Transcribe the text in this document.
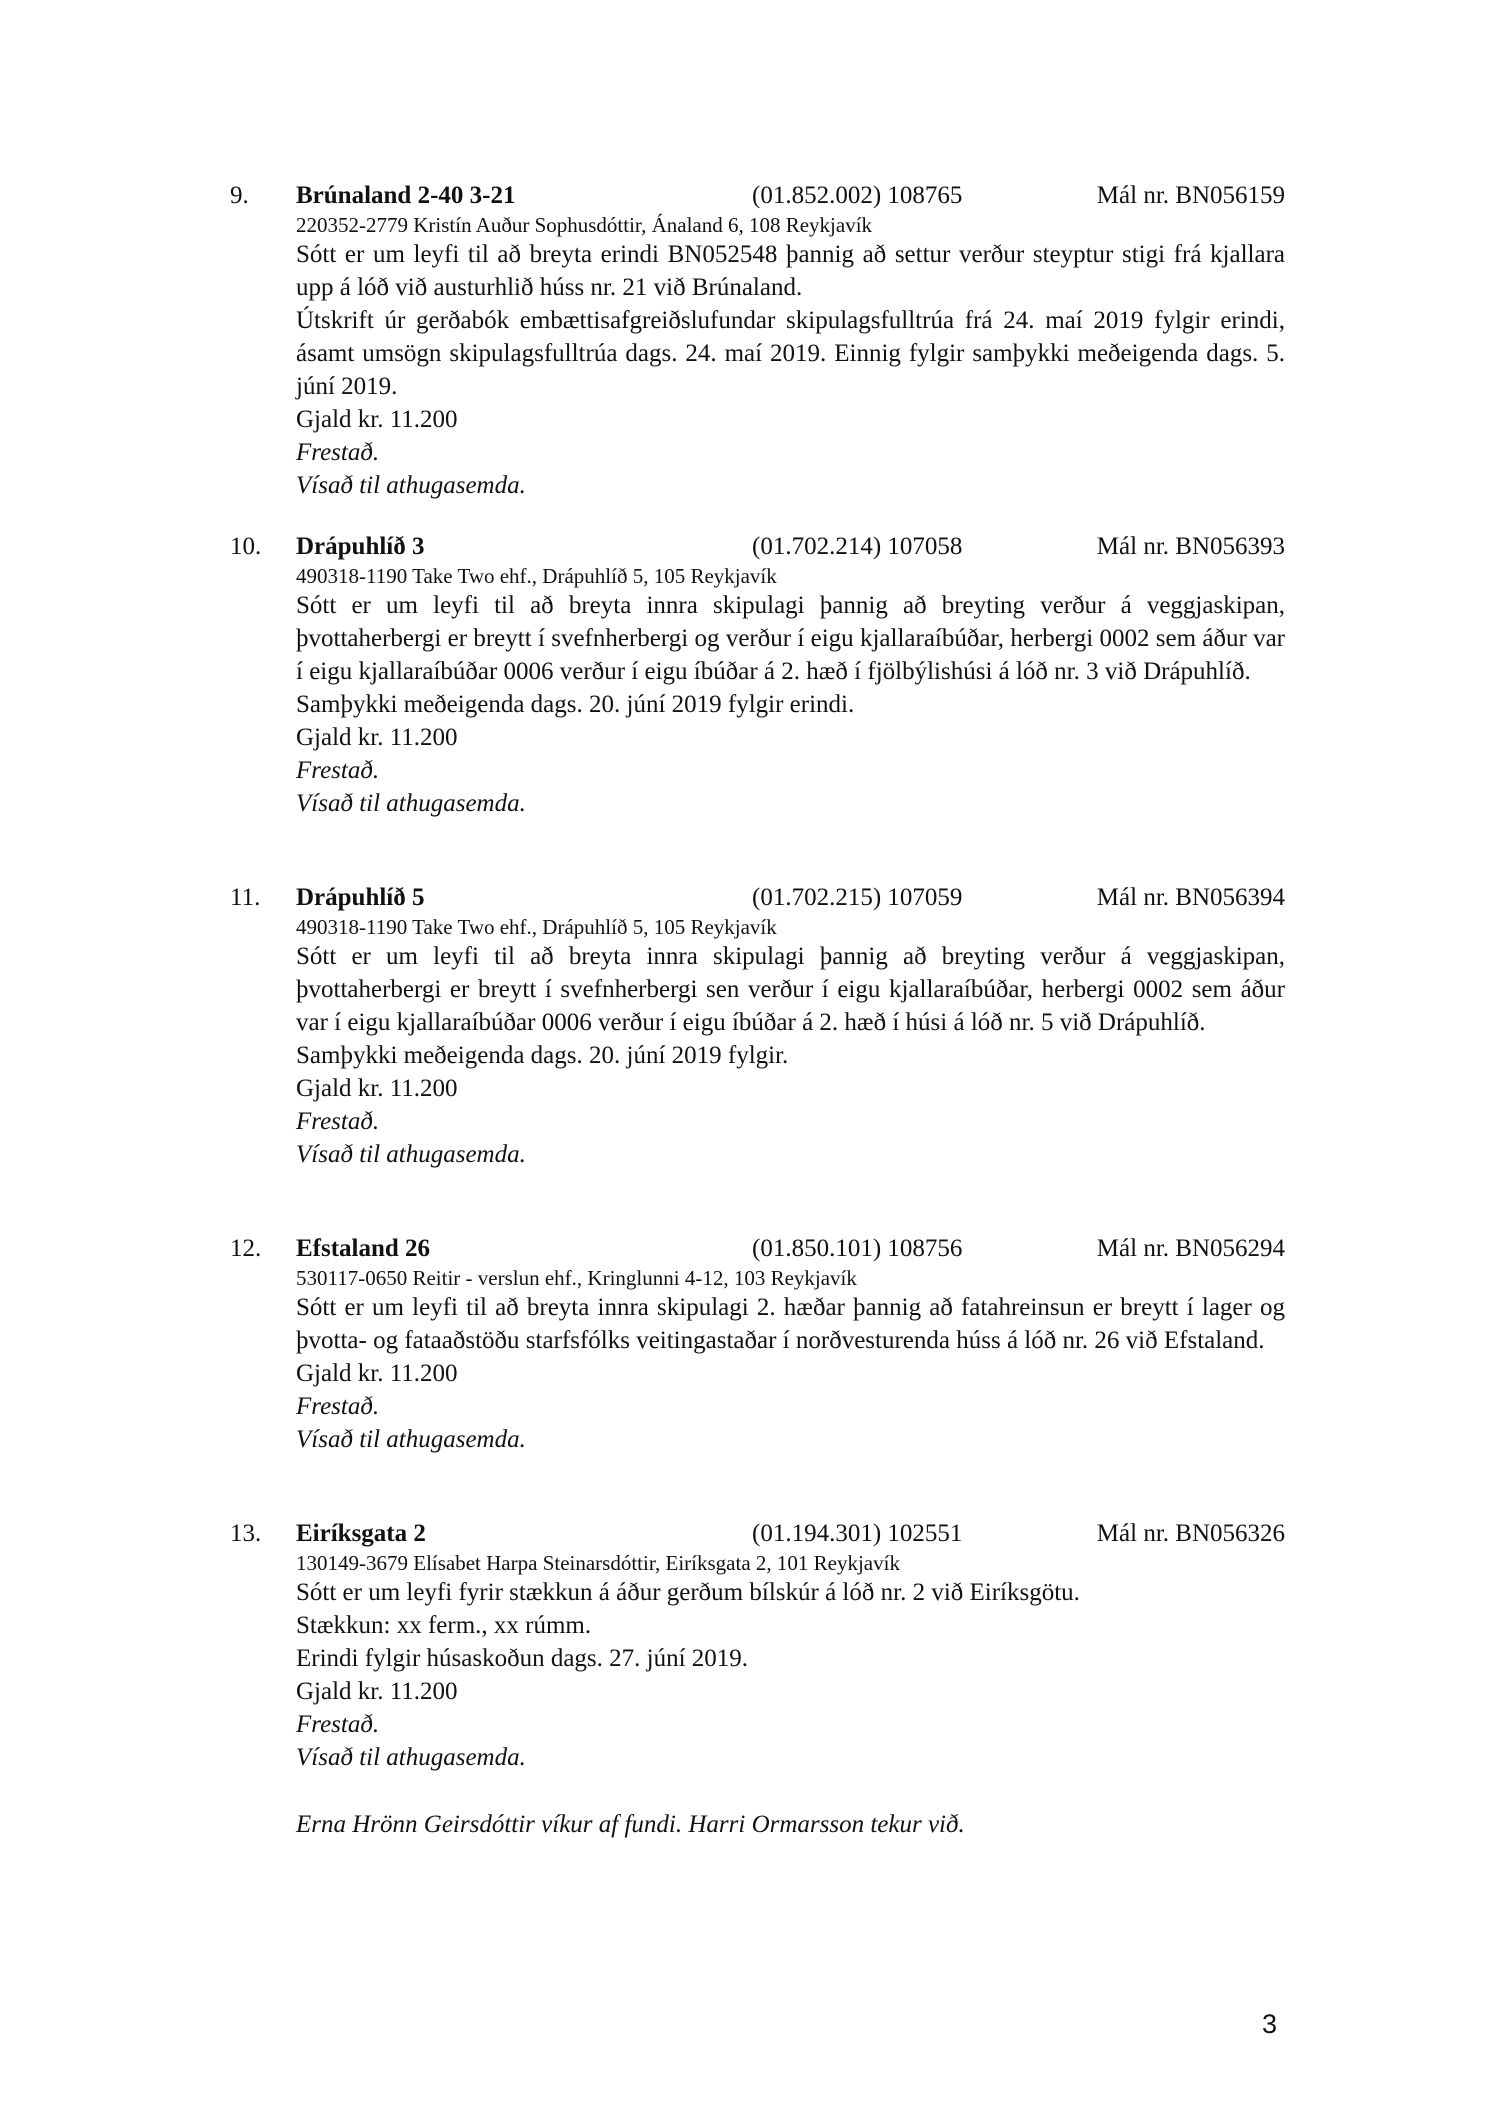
9. Brúnaland 2-40 3-21	(01.852.002) 108765	Mál nr. BN056159
220352-2779 Kristín Auður Sophusdóttir, Ánaland 6, 108 Reykjavík
Sótt er um leyfi til að breyta erindi BN052548 þannig að settur verður steyptur stigi frá kjallara upp á lóð við austurhlið húss nr. 21 við Brúnaland.
Útskrift úr gerðabók embættisafgreiðslufundar skipulagsfulltrúa frá 24. maí 2019 fylgir erindi, ásamt umsögn skipulagsfulltrúa dags. 24. maí 2019. Einnig fylgir samþykki meðeigenda dags. 5. júní 2019.
Gjald kr. 11.200
Frestað.
Vísað til athugasemda.
10. Drápuhlíð 3	(01.702.214) 107058	Mál nr. BN056393
490318-1190 Take Two ehf., Drápuhlíð 5, 105 Reykjavík
Sótt er um leyfi til að breyta innra skipulagi þannig að breyting verður á veggjaskipan, þvottaherbergi er breytt í svefnherbergi og verður í eigu kjallaraíbúðar, herbergi 0002 sem áður var í eigu kjallaraíbúðar 0006 verður í eigu íbúðar á 2. hæð í fjölbýlishúsi á lóð nr. 3 við Drápuhlíð.
Samþykki meðeigenda dags. 20. júní 2019 fylgir erindi.
Gjald kr. 11.200
Frestað.
Vísað til athugasemda.
11. Drápuhlíð 5	(01.702.215) 107059	Mál nr. BN056394
490318-1190 Take Two ehf., Drápuhlíð 5, 105 Reykjavík
Sótt er um leyfi til að breyta innra skipulagi þannig að breyting verður á veggjaskipan, þvottaherbergi er breytt í svefnherbergi sen verður í eigu kjallaraíbúðar, herbergi 0002 sem áður var í eigu kjallaraíbúðar 0006 verður í eigu íbúðar á 2. hæð í húsi á lóð nr. 5 við Drápuhlíð.
Samþykki meðeigenda dags. 20. júní 2019 fylgir.
Gjald kr. 11.200
Frestað.
Vísað til athugasemda.
12. Efstaland 26	(01.850.101) 108756	Mál nr. BN056294
530117-0650 Reitir - verslun ehf., Kringlunni 4-12, 103 Reykjavík
Sótt er um leyfi til að breyta innra skipulagi 2. hæðar þannig að fatahreinsun er breytt í lager og þvotta- og fataaðstöðu starfsfólks veitingastaðar í norðvesturenda húss á lóð nr. 26 við Efstaland.
Gjald kr. 11.200
Frestað.
Vísað til athugasemda.
13. Eiríksgata 2	(01.194.301) 102551	Mál nr. BN056326
130149-3679 Elísabet Harpa Steinarsdóttir, Eiríksgata 2, 101 Reykjavík
Sótt er um leyfi fyrir stækkun á áður gerðum bílskúr á lóð nr. 2 við Eiríksgötu.
Stækkun: xx ferm., xx rúmm.
Erindi fylgir húsaskoðun dags. 27. júní 2019.
Gjald kr. 11.200
Frestað.
Vísað til athugasemda.
Erna Hrönn Geirsdóttir víkur af fundi. Harri Ormarsson tekur við.
3
